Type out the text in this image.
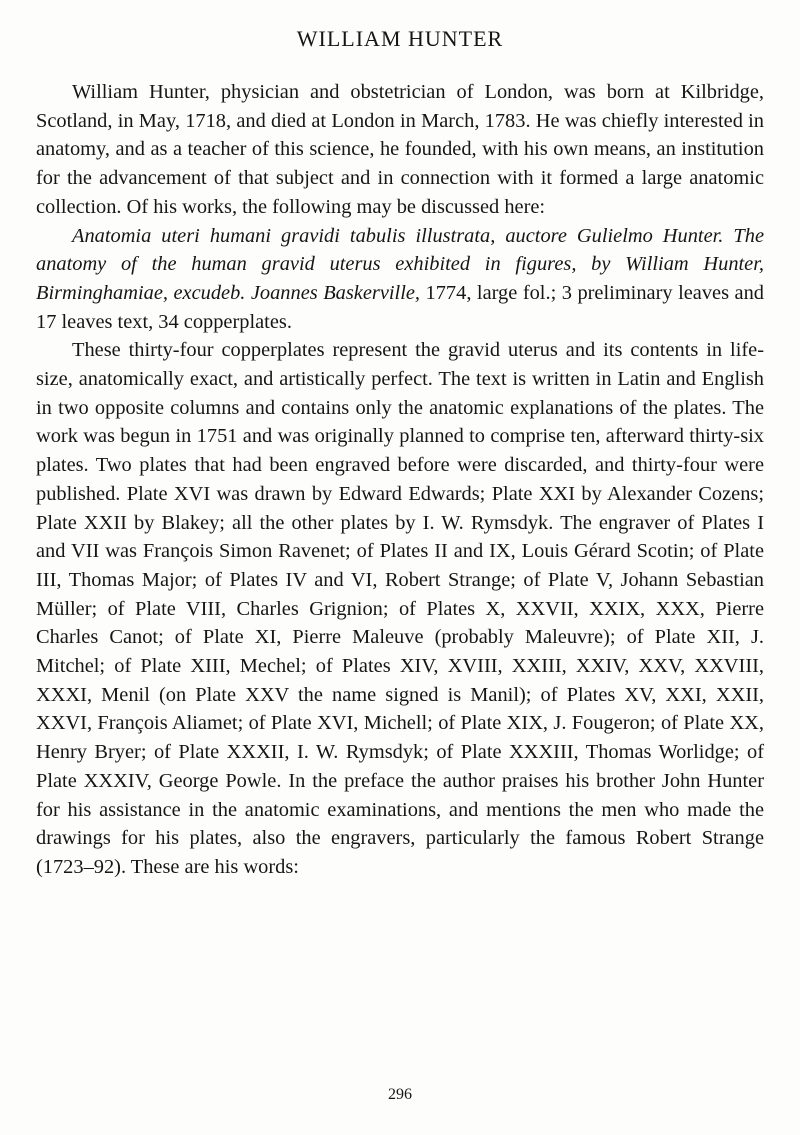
WILLIAM HUNTER

William Hunter, physician and obstetrician of London, was born at Kilbridge, Scotland, in May, 1718, and died at London in March, 1783. He was chiefly interested in anatomy, and as a teacher of this science, he founded, with his own means, an institution for the advancement of that subject and in connection with it formed a large anatomic collection. Of his works, the following may be discussed here:

Anatomia uteri humani gravidi tabulis illustrata, auctore Gulielmo Hunter. The anatomy of the human gravid uterus exhibited in figures, by William Hunter, Birminghamiae, excudeb. Joannes Baskerville, 1774, large fol.; 3 preliminary leaves and 17 leaves text, 34 copperplates.

These thirty-four copperplates represent the gravid uterus and its contents in life-size, anatomically exact, and artistically perfect. The text is written in Latin and English in two opposite columns and contains only the anatomic explanations of the plates. The work was begun in 1751 and was originally planned to comprise ten, afterward thirty-six plates. Two plates that had been engraved before were discarded, and thirty-four were published. Plate XVI was drawn by Edward Edwards; Plate XXI by Alexander Cozens; Plate XXII by Blakey; all the other plates by I. W. Rymsdyk. The engraver of Plates I and VII was François Simon Ravenet; of Plates II and IX, Louis Gérard Scotin; of Plate III, Thomas Major; of Plates IV and VI, Robert Strange; of Plate V, Johann Sebastian Müller; of Plate VIII, Charles Grignion; of Plates X, XXVII, XXIX, XXX, Pierre Charles Canot; of Plate XI, Pierre Maleuve (probably Maleuvre); of Plate XII, J. Mitchel; of Plate XIII, Mechel; of Plates XIV, XVIII, XXIII, XXIV, XXV, XXVIII, XXXI, Menil (on Plate XXV the name signed is Manil); of Plates XV, XXI, XXII, XXVI, François Aliamet; of Plate XVI, Michell; of Plate XIX, J. Fougeron; of Plate XX, Henry Bryer; of Plate XXXII, I. W. Rymsdyk; of Plate XXXIII, Thomas Worlidge; of Plate XXXIV, George Powle. In the preface the author praises his brother John Hunter for his assistance in the anatomic examinations, and mentions the men who made the drawings for his plates, also the engravers, particularly the famous Robert Strange (1723–92). These are his words:

296
